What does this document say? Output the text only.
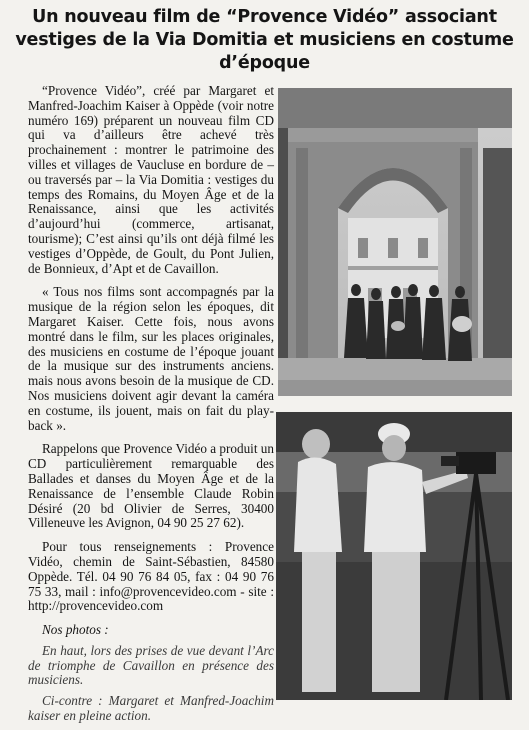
Un nouveau film de “Provence Vidéo” associant vestiges de la Via Domitia et musiciens en costume d’époque

“Provence Vidéo”, créé par Margaret et Manfred-Joachim Kaiser à Oppède (voir notre numéro 169) préparent un nouveau film CD qui va d’ailleurs être achevé très prochainement : montrer le patrimoine des villes et villages de Vaucluse en bordure de – ou traversés par – la Via Domitia : vestiges du temps des Romains, du Moyen Âge et de la Renaissance, ainsi que les activités d’aujourd’hui (commerce, artisanat, tourisme); C’est ainsi qu’ils ont déjà filmé les vestiges d’Oppède, de Goult, du Pont Julien, de Bonnieux, d’Apt et de Cavaillon.

« Tous nos films sont accompagnés par la musique de la région selon les époques, dit Margaret Kaiser. Cette fois, nous avons montré dans le film, sur les places originales, des musiciens en costume de l’époque jouant de la musique sur des instruments anciens. mais nous avons besoin de la musique de CD. Nos musiciens doivent agir devant la caméra en costume, ils jouent, mais on fait du play-back ».

Rappelons que Provence Vidéo a produit un CD particulièrement remarquable des Ballades et danses du Moyen Âge et de la Renaissance de l’ensemble Claude Robin Désiré (20 bd Olivier de Serres, 30400 Villeneuve les Avignon, 04 90 25 27 62).

Pour tous renseignements : Provence Vidéo, chemin de Saint-Sébastien, 84580 Oppède. Tél. 04 90 76 84 05, fax : 04 90 76 75 33, mail : info@provencevideo.com - site : http://provencevideo.com

Nos photos :

En haut, lors des prises de vue devant l’Arc de triomphe de Cavaillon en présence des musiciens.

Ci-contre : Margaret et Manfred-Joachim kaiser en pleine action.
